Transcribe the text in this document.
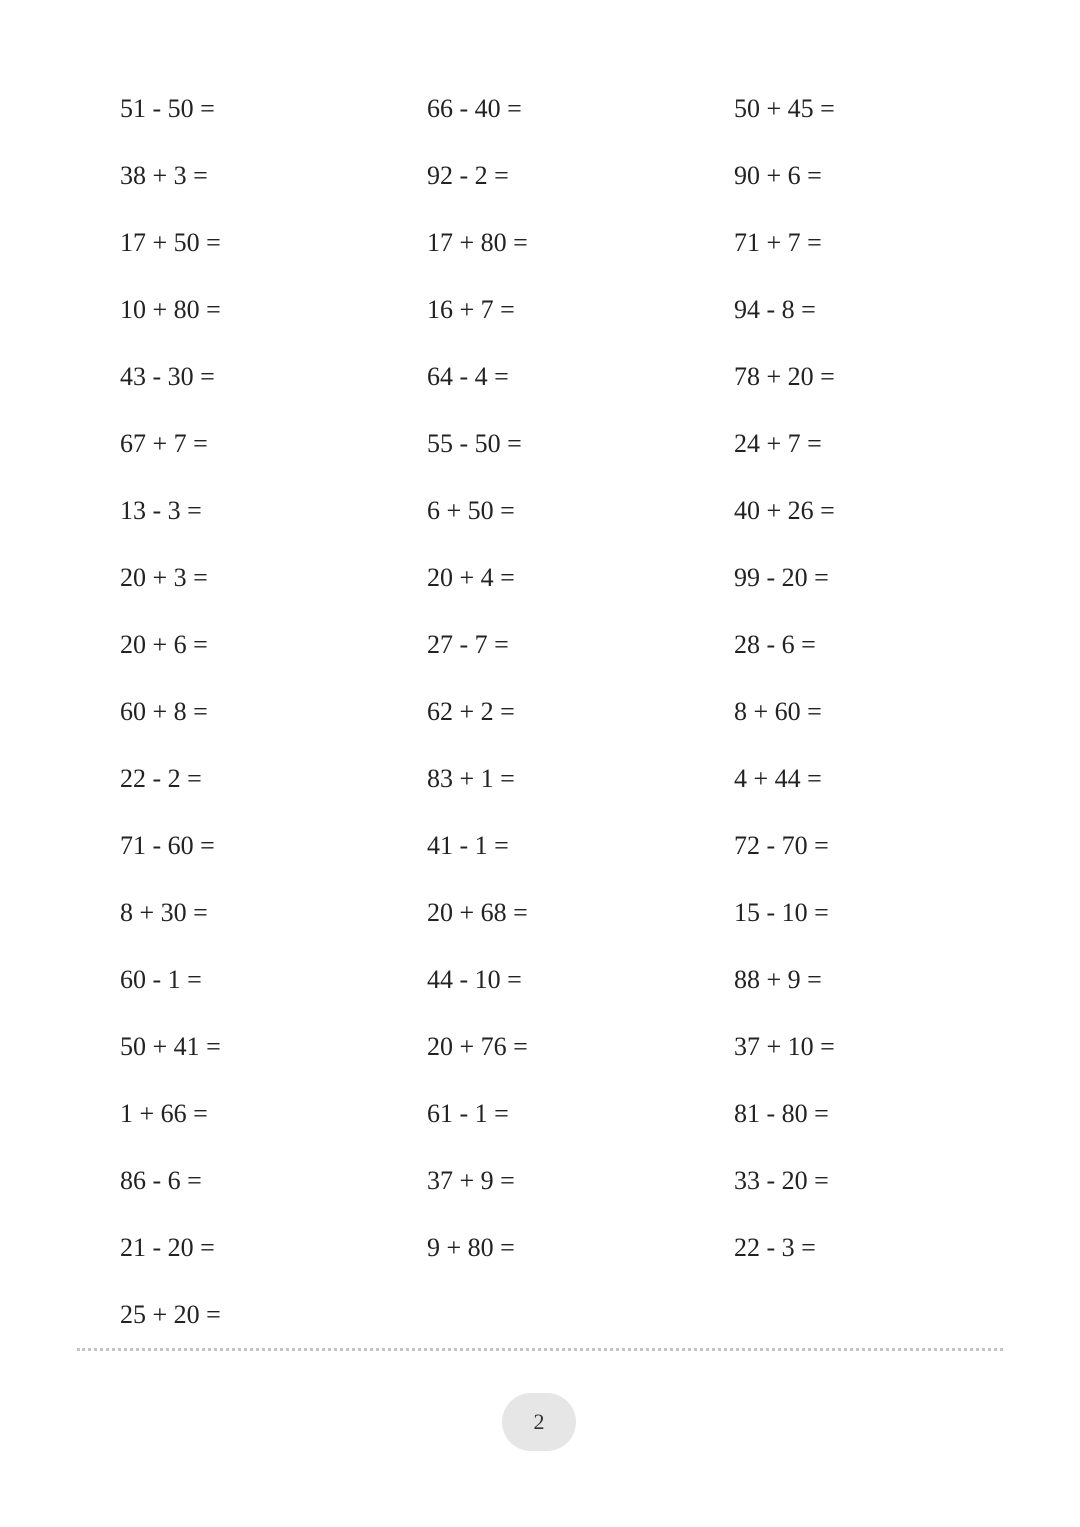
51 - 50 =	66 - 40 =	50 + 45 =
38 + 3 =	92 - 2 =	90 + 6 =
17 + 50 =	17 + 80 =	71 + 7 =
10 + 80 =	16 + 7 =	94 - 8 =
43 - 30 =	64 - 4 =	78 + 20 =
67 + 7 =	55 - 50 =	24 + 7 =
13 - 3 =	6 + 50 =	40 + 26 =
20 + 3 =	20 + 4 =	99 - 20 =
20 + 6 =	27 - 7 =	28 - 6 =
60 + 8 =	62 + 2 =	8 + 60 =
22 - 2 =	83 + 1 =	4 + 44 =
71 - 60 =	41 - 1 =	72 - 70 =
8 + 30 =	20 + 68 =	15 - 10 =
60 - 1 =	44 - 10 =	88 + 9 =
50 + 41 =	20 + 76 =	37 + 10 =
1 + 66 =	61 - 1 =	81 - 80 =
86 - 6 =	37 + 9 =	33 - 20 =
21 - 20 =	9 + 80 =	22 - 3 =
25 + 20 =
2
